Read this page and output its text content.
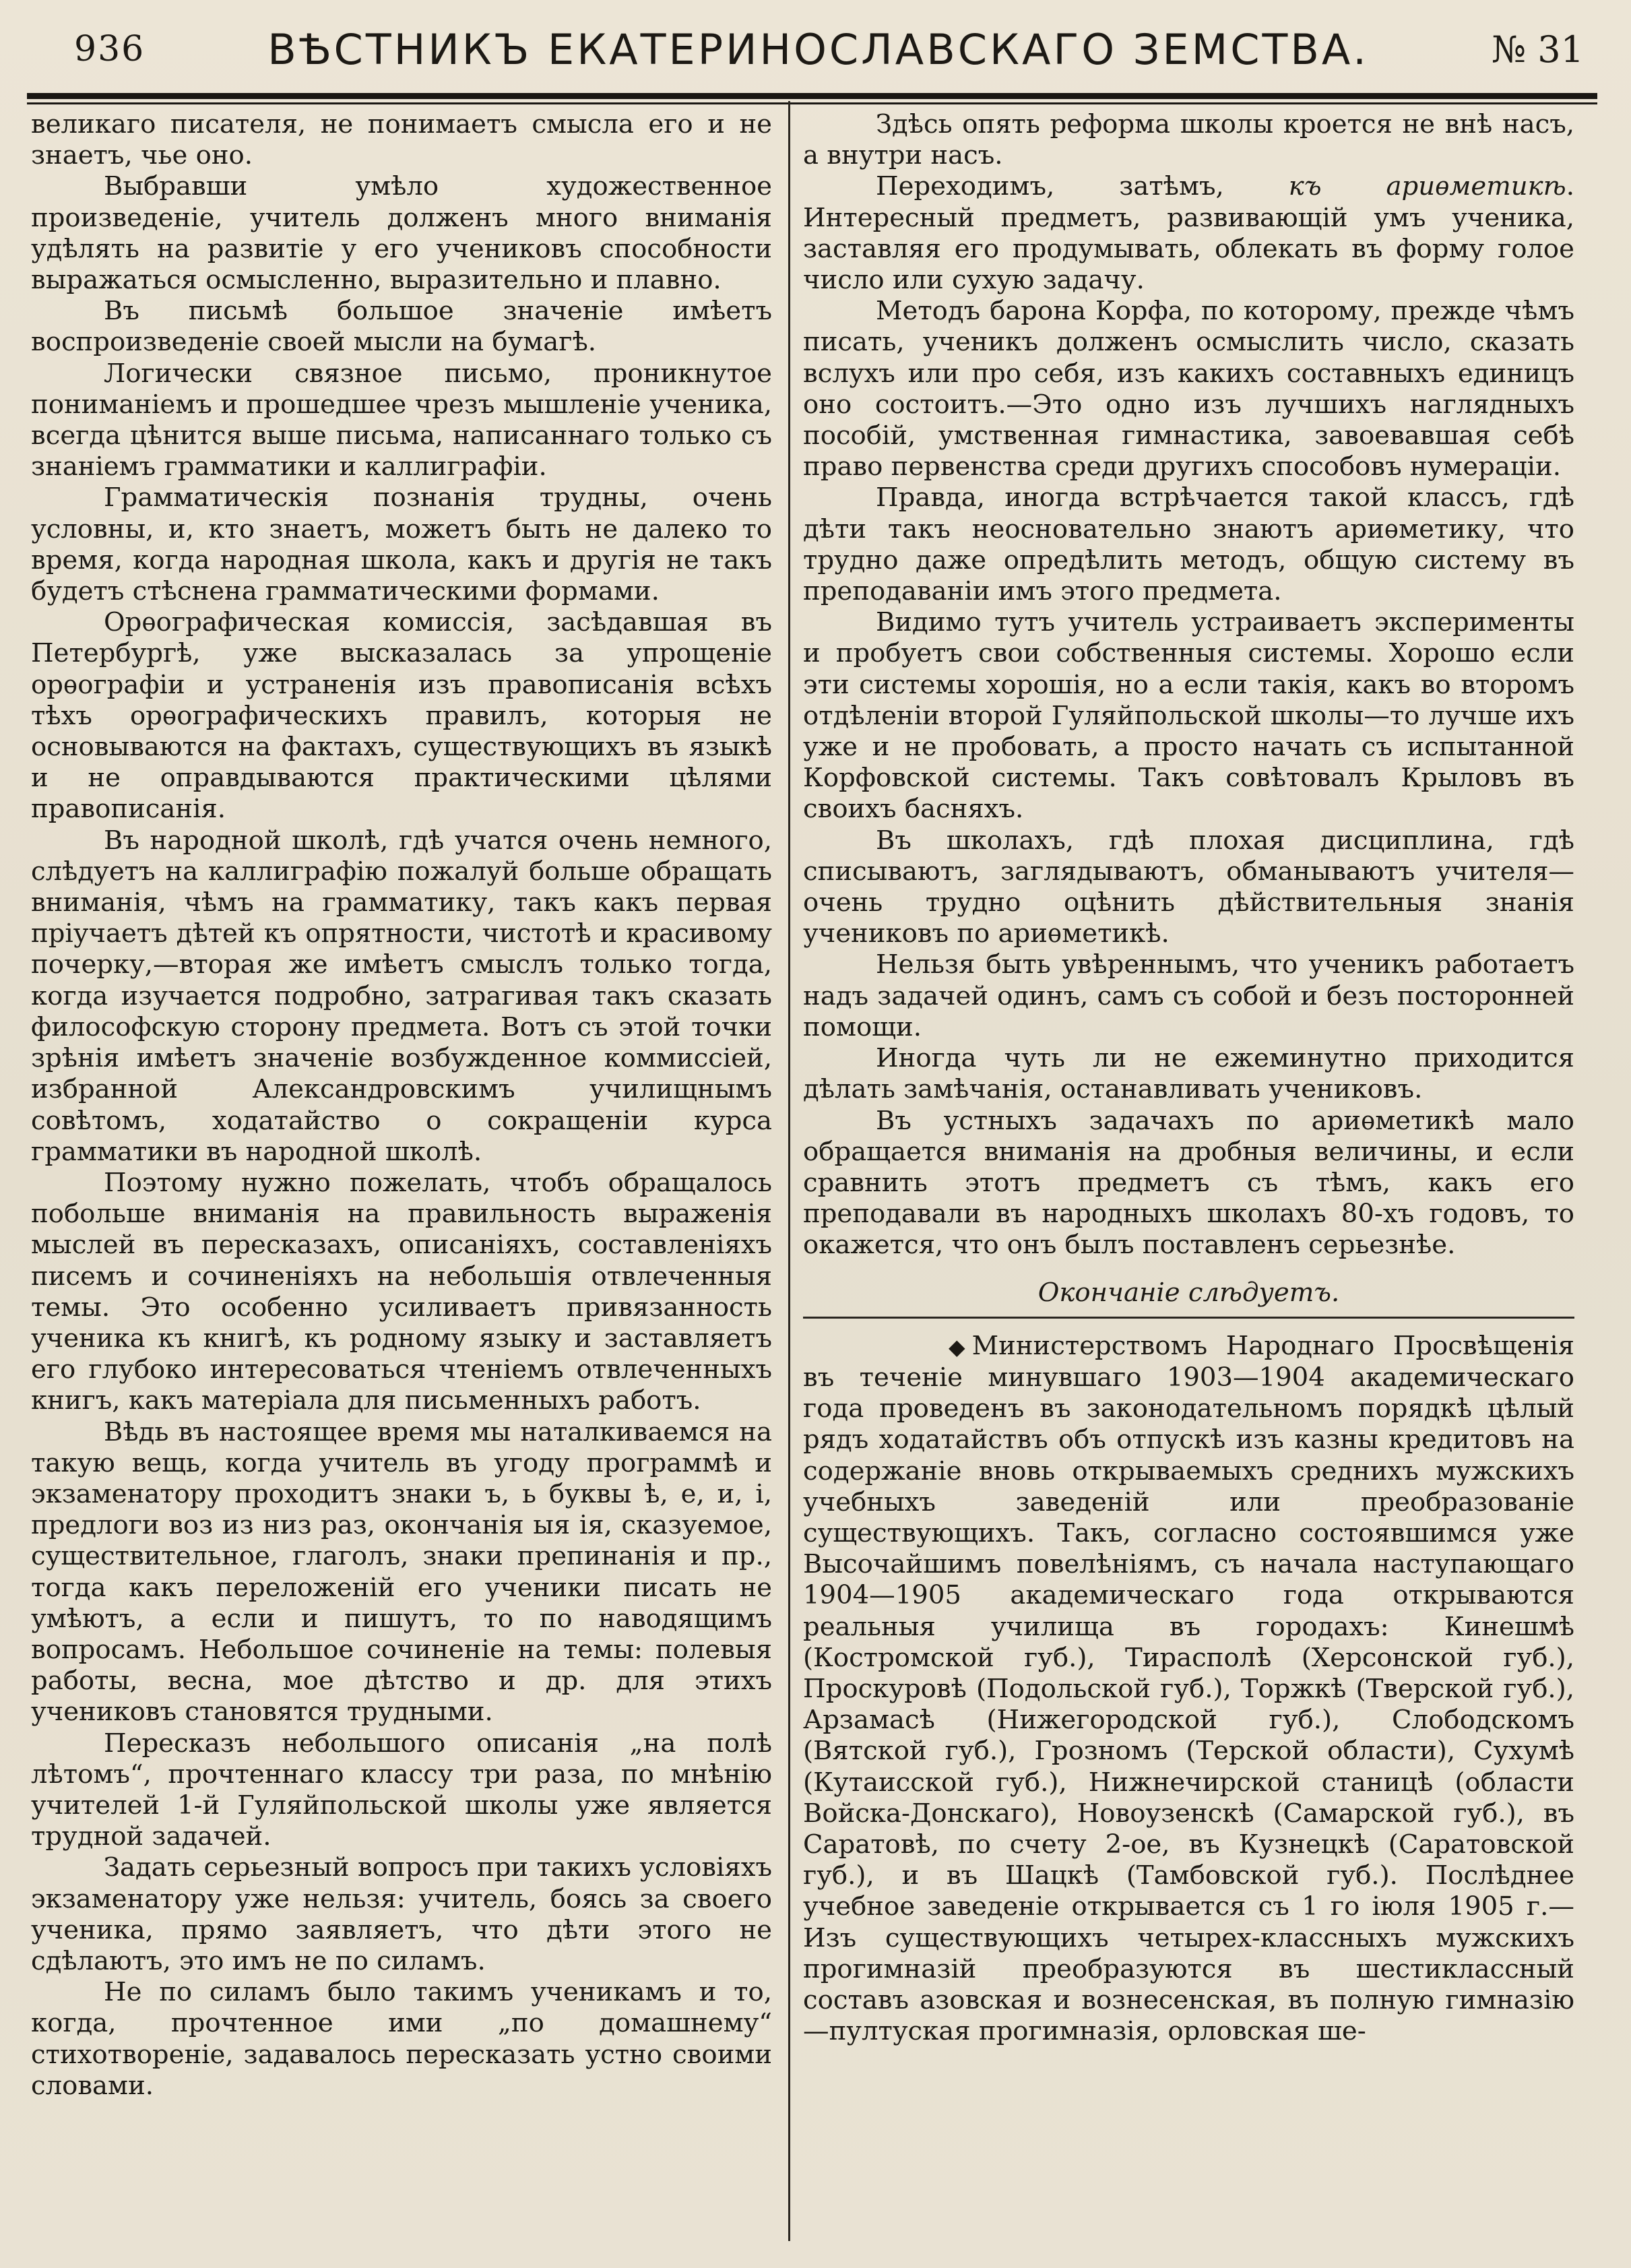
936	ВѢСТНИКЪ ЕКАТЕРИНОСЛАВСКАГО ЗЕМСТВА.	№ 31

великаго писателя, не понимаетъ смысла его и не знаетъ, чье оно.

Выбравши умѣло художественное произведеніе, учитель долженъ много вниманія удѣлять на развитіе у его учениковъ способности выражаться осмысленно, выразительно и плавно.

Въ письмѣ большое значеніе имѣетъ воспроизведеніе своей мысли на бумагѣ.

Логически связное письмо, проникнутое пониманіемъ и прошедшее чрезъ мышленіе ученика, всегда цѣнится выше письма, написаннаго только съ знаніемъ грамматики и каллиграфіи.

Грамматическія познанія трудны, очень условны, и, кто знаетъ, можетъ быть не далеко то время, когда народная школа, какъ и другія не такъ будетъ стѣснена грамматическими формами.

Орѳографическая комиссія, засѣдавшая въ Петербургѣ, уже высказалась за упрощеніе орѳографіи и устраненія изъ правописанія всѣхъ тѣхъ орѳографическихъ правилъ, которыя не основываются на фактахъ, существующихъ въ языкѣ и не оправдываются практическими цѣлями правописанія.

Въ народной школѣ, гдѣ учатся очень немного, слѣдуетъ на каллиграфію пожалуй больше обращать вниманія, чѣмъ на грамматику, такъ какъ первая пріучаетъ дѣтей къ опрятности, чистотѣ и красивому почерку,—вторая же имѣетъ смыслъ только тогда, когда изучается подробно, затрагивая такъ сказать философскую сторону предмета. Вотъ съ этой точки зрѣнія имѣетъ значеніе возбужденное коммиссіей, избранной Александровскимъ училищнымъ совѣтомъ, ходатайство о сокращеніи курса грамматики въ народной школѣ.

Поэтому нужно пожелать, чтобъ обращалось побольше вниманія на правильность выраженія мыслей въ пересказахъ, описаніяхъ, составленіяхъ писемъ и сочиненіяхъ на небольшія отвлеченныя темы. Это особенно усиливаетъ привязанность ученика къ книгѣ, къ родному языку и заставляетъ его глубоко интересоваться чтеніемъ отвлеченныхъ книгъ, какъ матеріала для письменныхъ работъ.

Вѣдь въ настоящее время мы наталкиваемся на такую вещь, когда учитель въ угоду программѣ и экзаменатору проходитъ знаки ъ, ь буквы ѣ, е, и, і, предлоги воз из низ раз, окончанія ыя ія, сказуемое, существительное, глаголъ, знаки препинанія и пр., тогда какъ переложеній его ученики писать не умѣютъ, а если и пишутъ, то по наводящимъ вопросамъ. Небольшое сочиненіе на темы: полевыя работы, весна, мое дѣтство и др. для этихъ учениковъ становятся трудными.

Пересказъ небольшого описанія „на полѣ лѣтомъ“, прочтеннаго классу три раза, по мнѣнію учителей 1-й Гуляйпольской школы уже является трудной задачей.

Задать серьезный вопросъ при такихъ условіяхъ экзаменатору уже нельзя: учитель, боясь за своего ученика, прямо заявляетъ, что дѣти этого не сдѣлаютъ, это имъ не по силамъ.

Не по силамъ было такимъ ученикамъ и то, когда, прочтенное ими „по домашнему“ стихотвореніе, задавалось пересказать устно своими словами.

Здѣсь опять реформа школы кроется не внѣ насъ, а внутри насъ.

Переходимъ, затѣмъ, къ ариѳметикѣ. Интересный предметъ, развивающій умъ ученика, заставляя его продумывать, облекать въ форму голое число или сухую задачу.

Методъ барона Корфа, по которому, прежде чѣмъ писать, ученикъ долженъ осмыслить число, сказать вслухъ или про себя, изъ какихъ составныхъ единицъ оно состоитъ.—Это одно изъ лучшихъ наглядныхъ пособій, умственная гимнастика, завоевавшая себѣ право первенства среди другихъ способовъ нумераціи.

Правда, иногда встрѣчается такой классъ, гдѣ дѣти такъ неосновательно знаютъ ариѳметику, что трудно даже опредѣлить методъ, общую систему въ преподаваніи имъ этого предмета.

Видимо тутъ учитель устраиваетъ эксперименты и пробуетъ свои собственныя системы. Хорошо если эти системы хорошія, но а если такія, какъ во второмъ отдѣленіи второй Гуляйпольской школы—то лучше ихъ уже и не пробовать, а просто начать съ испытанной Корфовской системы. Такъ совѣтовалъ Крыловъ въ своихъ басняхъ.

Въ школахъ, гдѣ плохая дисциплина, гдѣ списываютъ, заглядываютъ, обманываютъ учителя—очень трудно оцѣнить дѣйствительныя знанія учениковъ по ариѳметикѣ.

Нельзя быть увѣреннымъ, что ученикъ работаетъ надъ задачей одинъ, самъ съ собой и безъ посторонней помощи.

Иногда чуть ли не ежеминутно приходится дѣлать замѣчанія, останавливать учениковъ.

Въ устныхъ задачахъ по ариѳметикѣ мало обращается вниманія на дробныя величины, и если сравнить этотъ предметъ съ тѣмъ, какъ его преподавали въ народныхъ школахъ 80-хъ годовъ, то окажется, что онъ былъ поставленъ серьезнѣе.

Окончаніе слѣдуетъ.

◆ Министерствомъ Народнаго Просвѣщенія въ теченіе минувшаго 1903—1904 академическаго года проведенъ въ законодательномъ порядкѣ цѣлый рядъ ходатайствъ объ отпускѣ изъ казны кредитовъ на содержаніе вновь открываемыхъ среднихъ мужскихъ учебныхъ заведеній или преобразованіе существующихъ. Такъ, согласно состоявшимся уже Высочайшимъ повелѣніямъ, съ начала наступающаго 1904—1905 академическаго года открываются реальныя училища въ городахъ: Кинешмѣ (Костромской губ.), Тирасполѣ (Херсонской губ.), Проскуровѣ (Подольской губ.), Торжкѣ (Тверской губ.), Арзамасѣ (Нижегородской губ.), Слободскомъ (Вятской губ.), Грозномъ (Терской области), Сухумѣ (Кутаисской губ.), Нижнечирской станицѣ (области Войска-Донскаго), Новоузенскѣ (Самарской губ.), въ Саратовѣ, по счету 2-ое, въ Кузнецкѣ (Саратовской губ.), и въ Шацкѣ (Тамбовской губ.). Послѣднее учебное заведеніе открывается съ 1 го іюля 1905 г.— Изъ существующихъ четырех-классныхъ мужскихъ прогимназій преобразуются въ шестиклассный составъ азовская и вознесенская, въ полную гимназію—пултуская прогимназія, орловская ше-
